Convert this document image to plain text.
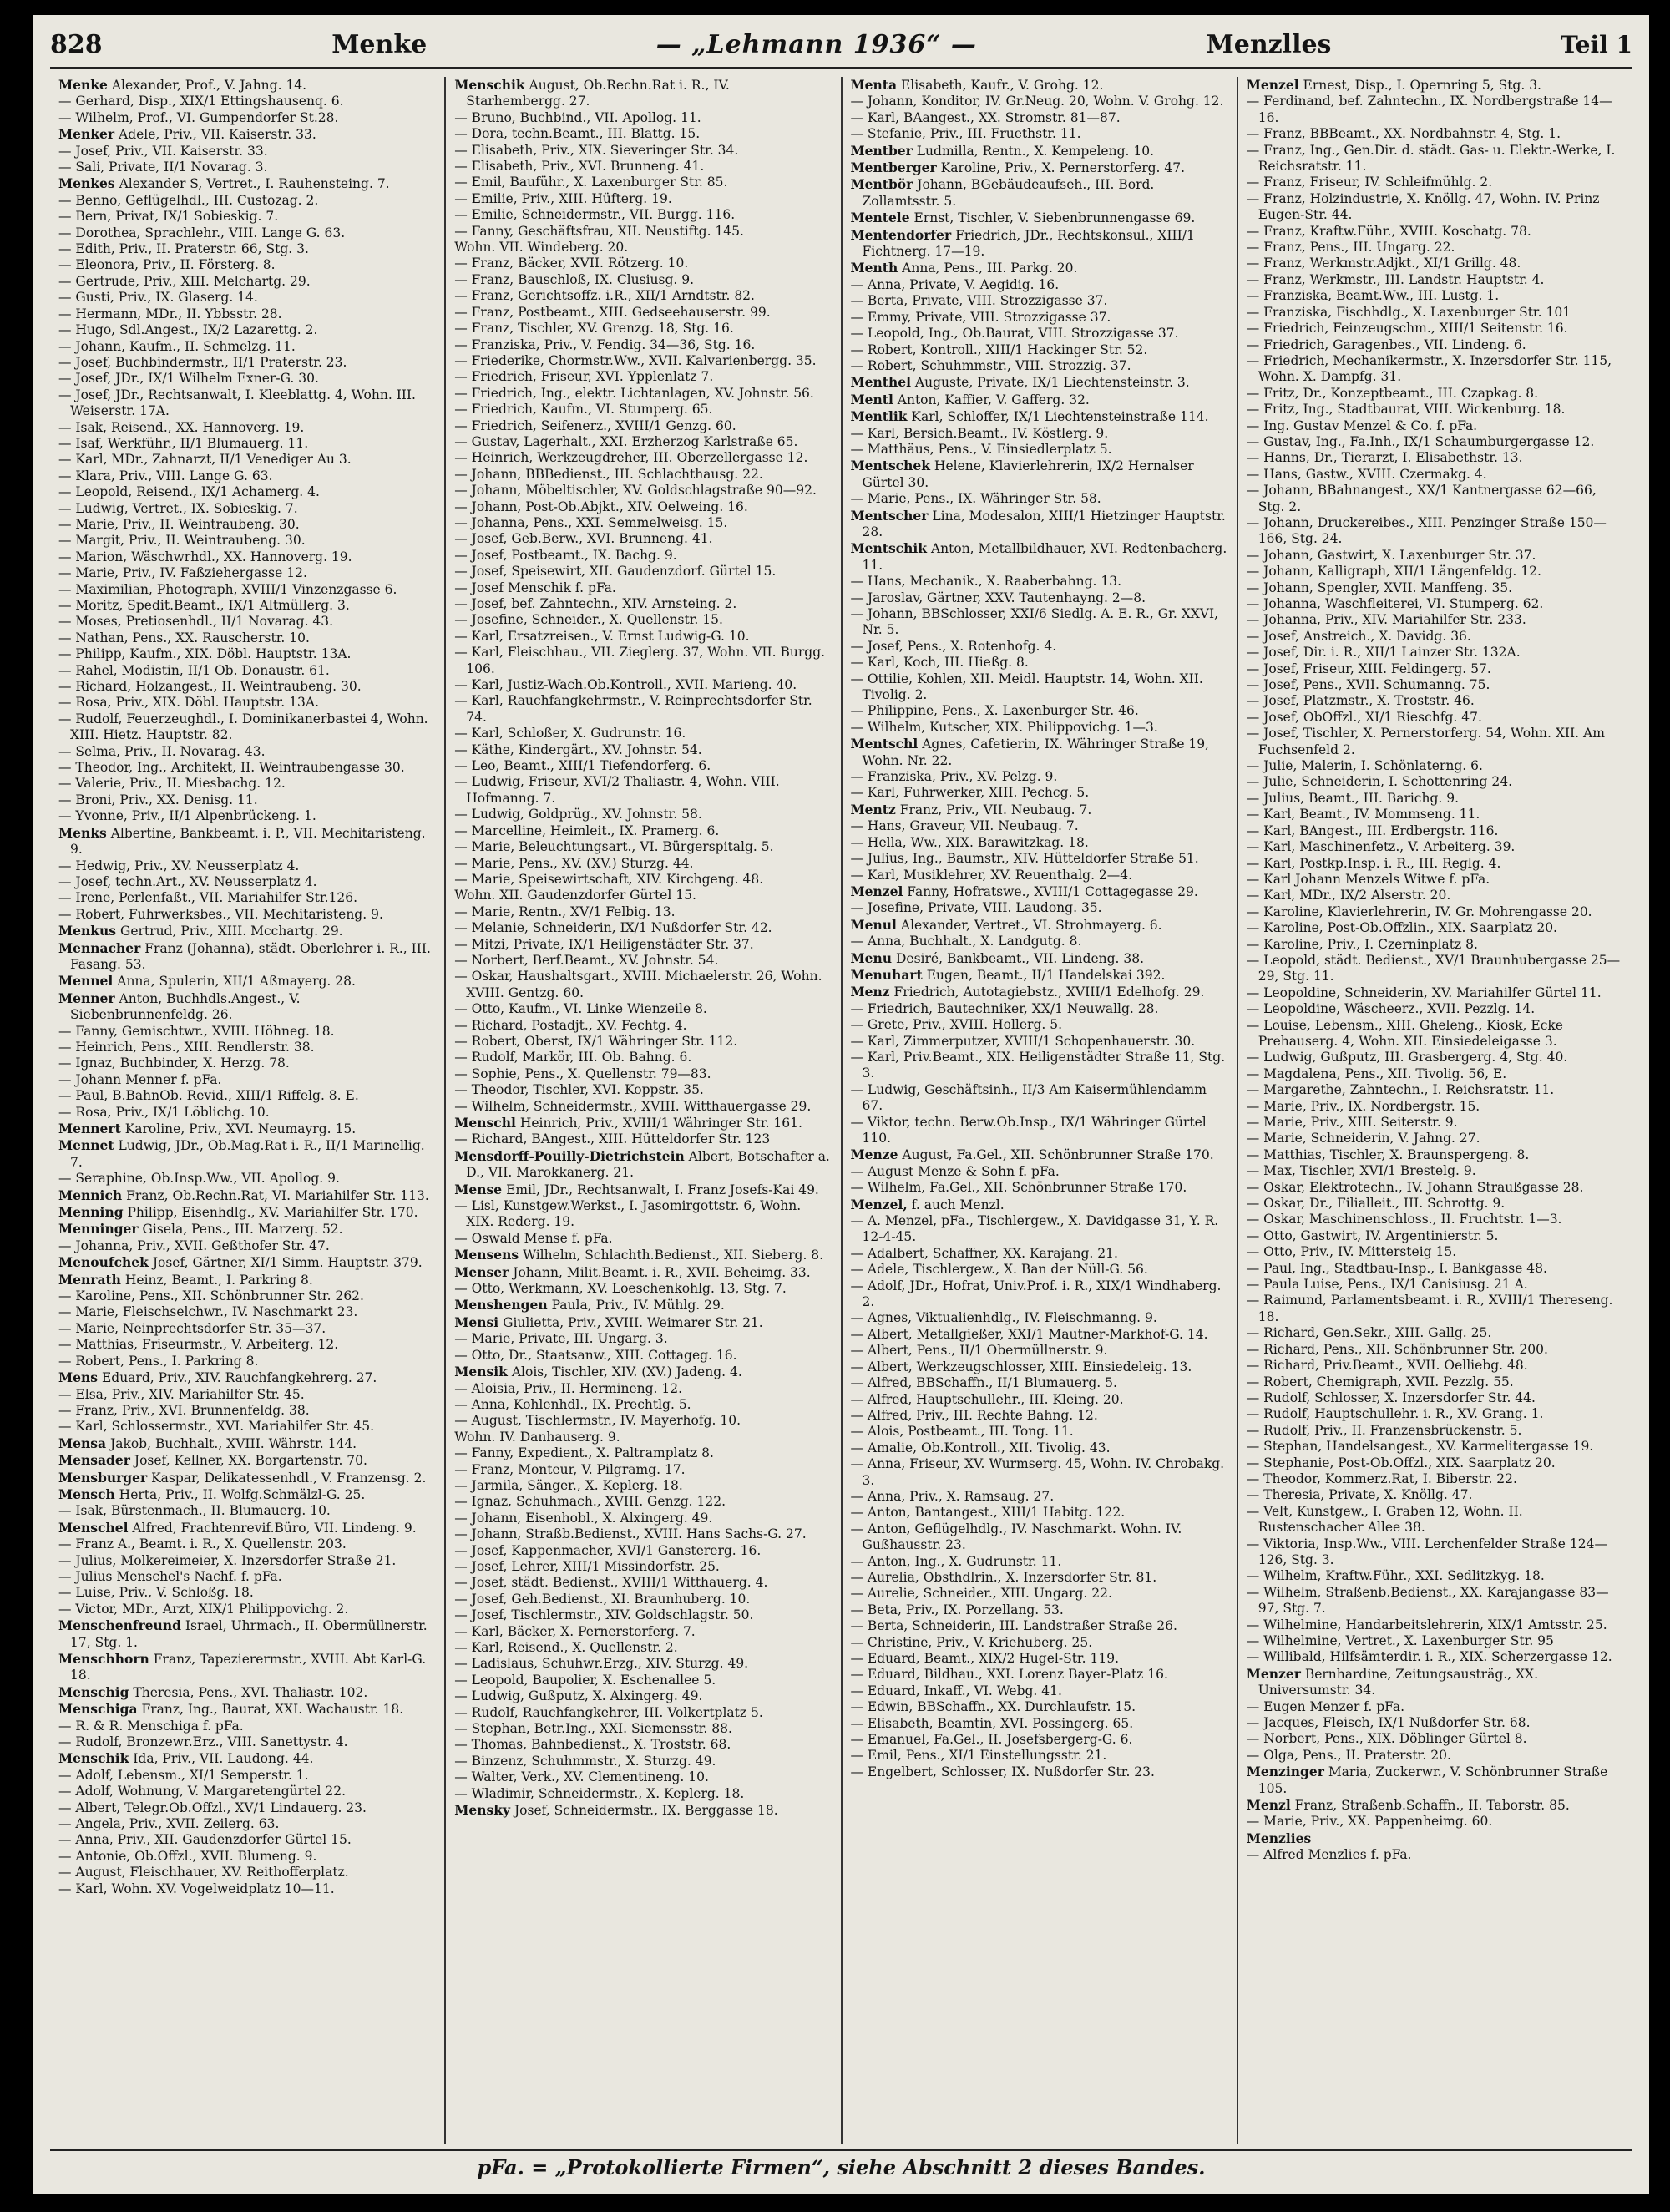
828	Menke	— „Lehmann 1936“ —	Menzlles	Teil 1

Menke Alexander, Prof., V. Jahng. 14.

— Gerhard, Disp., XIX/1 Ettingshausenq. 6.

— Wilhelm, Prof., VI. Gumpendorfer St.28.

Menker Adele, Priv., VII. Kaiserstr. 33.

— Josef, Priv., VII. Kaiserstr. 33.

— Sali, Private, II/1 Novarag. 3.

Menkes Alexander S, Vertret., I. Rauhensteing. 7.

— Benno, Geflügelhdl., III. Custozag. 2.

— Bern, Privat, IX/1 Sobieskig. 7.

— Dorothea, Sprachlehr., VIII. Lange G. 63.

— Edith, Priv., II. Praterstr. 66, Stg. 3.

— Eleonora, Priv., II. Försterg. 8.

— Gertrude, Priv., XIII. Melchartg. 29.

— Gusti, Priv., IX. Glaserg. 14.

— Hermann, MDr., II. Ybbsstr. 28.

— Hugo, Sdl.Angest., IX/2 Lazarettg. 2.

— Johann, Kaufm., II. Schmelzg. 11.

— Josef, Buchbindermstr., II/1 Praterstr. 23.

— Josef, JDr., IX/1 Wilhelm Exner-G. 30.

— Josef, JDr., Rechtsanwalt, I. Kleeblattg. 4, Wohn. III. Weiserstr. 17A.

— Isak, Reisend., XX. Hannoverg. 19.

— Isaf, Werkführ., II/1 Blumauerg. 11.

— Karl, MDr., Zahnarzt, II/1 Venediger Au 3.

— Klara, Priv., VIII. Lange G. 63.

— Leopold, Reisend., IX/1 Achamerg. 4.

— Ludwig, Vertret., IX. Sobieskig. 7.

— Marie, Priv., II. Weintraubeng. 30.

— Margit, Priv., II. Weintraubeng. 30.

— Marion, Wäschwrhdl., XX. Hannoverg. 19.

— Marie, Priv., IV. Faßziehergasse 12.

— Maximilian, Photograph, XVIII/1 Vinzenzgasse 6.

— Moritz, Spedit.Beamt., IX/1 Altmüllerg. 3.

— Moses, Pretiosenhdl., II/1 Novarag. 43.

— Nathan, Pens., XX. Rauscherstr. 10.

— Philipp, Kaufm., XIX. Döbl. Hauptstr. 13A.

— Rahel, Modistin, II/1 Ob. Donaustr. 61.

— Richard, Holzangest., II. Weintraubeng. 30.

— Rosa, Priv., XIX. Döbl. Hauptstr. 13A.

— Rudolf, Feuerzeughdl., I. Dominikanerbastei 4, Wohn. XIII. Hietz. Hauptstr. 82.

— Selma, Priv., II. Novarag. 43.

— Theodor, Ing., Architekt, II. Weintraubengasse 30.

— Valerie, Priv., II. Miesbachg. 12.

— Broni, Priv., XX. Denisg. 11.

— Yvonne, Priv., II/1 Alpenbrückeng. 1.

Menks Albertine, Bankbeamt. i. P., VII. Mechitaristeng. 9.

— Hedwig, Priv., XV. Neusserplatz 4.

— Josef, techn.Art., XV. Neusserplatz 4.

— Irene, Perlenfaßt., VII. Mariahilfer Str.126.

— Robert, Fuhrwerksbes., VII. Mechitaristeng. 9.

Menkus Gertrud, Priv., XIII. Mcchartg. 29.

Mennacher Franz (Johanna), städt. Oberlehrer i. R., III. Fasang. 53.

Mennel Anna, Spulerin, XII/1 Aßmayerg. 28.

Menner Anton, Buchhdls.Angest., V. Siebenbrunnenfeldg. 26.

— Fanny, Gemischtwr., XVIII. Höhneg. 18.

— Heinrich, Pens., XIII. Rendlerstr. 38.

— Ignaz, Buchbinder, X. Herzg. 78.

— Johann Menner f. pFa.

— Paul, B.BahnOb. Revid., XIII/1 Riffelg. 8. E.

— Rosa, Priv., IX/1 Löblichg. 10.

Mennert Karoline, Priv., XVI. Neumayrg. 15.

Mennet Ludwig, JDr., Ob.Mag.Rat i. R., II/1 Marinellig. 7.

— Seraphine, Ob.Insp.Ww., VII. Apollog. 9.

Mennich Franz, Ob.Rechn.Rat, VI. Mariahilfer Str. 113.

Menning Philipp, Eisenhdlg., XV. Mariahilfer Str. 170.

Menninger Gisela, Pens., III. Marzerg. 52.

— Johanna, Priv., XVII. Geßthofer Str. 47.

Menoufchek Josef, Gärtner, XI/1 Simm. Hauptstr. 379.

Menrath Heinz, Beamt., I. Parkring 8.

— Karoline, Pens., XII. Schönbrunner Str. 262.

— Marie, Fleischselchwr., IV. Naschmarkt 23.

— Marie, Neinprechtsdorfer Str. 35—37.

— Matthias, Friseurmstr., V. Arbeiterg. 12.

— Robert, Pens., I. Parkring 8.

Mens Eduard, Priv., XIV. Rauchfangkehrerg. 27.

— Elsa, Priv., XIV. Mariahilfer Str. 45.

— Franz, Priv., XVI. Brunnenfeldg. 38.

— Karl, Schlossermstr., XVI. Mariahilfer Str. 45.

Mensa Jakob, Buchhalt., XVIII. Währstr. 144.

Mensader Josef, Kellner, XX. Borgartenstr. 70.

Mensburger Kaspar, Delikatessenhdl., V. Franzensg. 2.

Mensch Herta, Priv., II. Wolfg.Schmälzl-G. 25.

— Isak, Bürstenmach., II. Blumauerg. 10.

Menschel Alfred, Frachtenrevif.Büro, VII. Lindeng. 9.

— Franz A., Beamt. i. R., X. Quellenstr. 203.

— Julius, Molkereimeier, X. Inzersdorfer Straße 21.

— Julius Menschel's Nachf. f. pFa.

— Luise, Priv., V. Schloßg. 18.

— Victor, MDr., Arzt, XIX/1 Philippovichg. 2.

Menschenfreund Israel, Uhrmach., II. Obermüllnerstr. 17, Stg. 1.

Menschhorn Franz, Tapezierermstr., XVIII. Abt Karl-G. 18.

Menschig Theresia, Pens., XVI. Thaliastr. 102.

Menschiga Franz, Ing., Baurat, XXI. Wachaustr. 18.

— R. & R. Menschiga f. pFa.

— Rudolf, Bronzewr.Erz., VIII. Sanettystr. 4.

Menschik Ida, Priv., VII. Laudong. 44.

— Adolf, Lebensm., XI/1 Semperstr. 1.

— Adolf, Wohnung, V. Margaretengürtel 22.

— Albert, Telegr.Ob.Offzl., XV/1 Lindauerg. 23.

— Angela, Priv., XVII. Zeilerg. 63.

— Anna, Priv., XII. Gaudenzdorfer Gürtel 15.

— Antonie, Ob.Offzl., XVII. Blumeng. 9.

— August, Fleischhauer, XV. Reithofferplatz.

— Karl, Wohn. XV. Vogelweidplatz 10—11.

Menschik August, Ob.Rechn.Rat i. R., IV. Starhembergg. 27.

— Bruno, Buchbind., VII. Apollog. 11.

— Dora, techn.Beamt., III. Blattg. 15.

— Elisabeth, Priv., XIX. Sieveringer Str. 34.

— Elisabeth, Priv., XVI. Brunneng. 41.

— Emil, Bauführ., X. Laxenburger Str. 85.

— Emilie, Priv., XIII. Hüfterg. 19.

— Emilie, Schneidermstr., VII. Burgg. 116.

— Fanny, Geschäftsfrau, XII. Neustiftg. 145.

Wohn. VII. Windeberg. 20.

— Franz, Bäcker, XVII. Rötzerg. 10.

— Franz, Bauschloß, IX. Clusiusg. 9.

— Franz, Gerichtsoffz. i.R., XII/1 Arndtstr. 82.

— Franz, Postbeamt., XIII. Gedseehauserstr. 99.

— Franz, Tischler, XV. Grenzg. 18, Stg. 16.

— Franziska, Priv., V. Fendig. 34—36, Stg. 16.

— Friederike, Chormstr.Ww., XVII. Kalvarienbergg. 35.

— Friedrich, Friseur, XVI. Ypplenlatz 7.

— Friedrich, Ing., elektr. Lichtanlagen, XV. Johnstr. 56.

— Friedrich, Kaufm., VI. Stumperg. 65.

— Friedrich, Seifenerz., XVIII/1 Genzg. 60.

— Gustav, Lagerhalt., XXI. Erzherzog Karlstraße 65.

— Heinrich, Werkzeugdreher, III. Oberzellergasse 12.

— Johann, BBBedienst., III. Schlachthausg. 22.

— Johann, Möbeltischler, XV. Goldschlagstraße 90—92.

— Johann, Post-Ob.Abjkt., XIV. Oelweing. 16.

— Johanna, Pens., XXI. Semmelweisg. 15.

— Josef, Geb.Berw., XVI. Brunneng. 41.

— Josef, Postbeamt., IX. Bachg. 9.

— Josef, Speisewirt, XII. Gaudenzdorf. Gürtel 15.

— Josef Menschik f. pFa.

— Josef, bef. Zahntechn., XIV. Arnsteing. 2.

— Josefine, Schneider., X. Quellenstr. 15.

— Karl, Ersatzreisen., V. Ernst Ludwig-G. 10.

— Karl, Fleischhau., VII. Zieglerg. 37, Wohn. VII. Burgg. 106.

— Karl, Justiz-Wach.Ob.Kontroll., XVII. Marieng. 40.

— Karl, Rauchfangkehrmstr., V. Reinprechtsdorfer Str. 74.

— Karl, Schloßer, X. Gudrunstr. 16.

— Käthe, Kindergärt., XV. Johnstr. 54.

— Leo, Beamt., XIII/1 Tiefendorferg. 6.

— Ludwig, Friseur, XVI/2 Thaliastr. 4, Wohn. VIII. Hofmanng. 7.

— Ludwig, Goldprüg., XV. Johnstr. 58.

— Marcelline, Heimleit., IX. Pramerg. 6.

— Marie, Beleuchtungsart., VI. Bürgerspitalg. 5.

— Marie, Pens., XV. (XV.) Sturzg. 44.

— Marie, Speisewirtschaft, XIV. Kirchgeng. 48.

Wohn. XII. Gaudenzdorfer Gürtel 15.

— Marie, Rentn., XV/1 Felbig. 13.

— Melanie, Schneiderin, IX/1 Nußdorfer Str. 42.

— Mitzi, Private, IX/1 Heiligenstädter Str. 37.

— Norbert, Berf.Beamt., XV. Johnstr. 54.

— Oskar, Haushaltsgart., XVIII. Michaelerstr. 26, Wohn. XVIII. Gentzg. 60.

— Otto, Kaufm., VI. Linke Wienzeile 8.

— Richard, Postadjt., XV. Fechtg. 4.

— Robert, Oberst, IX/1 Währinger Str. 112.

— Rudolf, Markör, III. Ob. Bahng. 6.

— Sophie, Pens., X. Quellenstr. 79—83.

— Theodor, Tischler, XVI. Koppstr. 35.

— Wilhelm, Schneidermstr., XVIII. Witthauergasse 29.

Menschl Heinrich, Priv., XVIII/1 Währinger Str. 161.

— Richard, BAngest., XIII. Hütteldorfer Str. 123

Mensdorff-Pouilly-Dietrichstein Albert, Botschafter a. D., VII. Marokkanerg. 21.

Mense Emil, JDr., Rechtsanwalt, I. Franz Josefs-Kai 49.

— Lisl, Kunstgew.Werkst., I. Jasomirgottstr. 6, Wohn. XIX. Rederg. 19.

— Oswald Mense f. pFa.

Mensens Wilhelm, Schlachth.Bedienst., XII. Sieberg. 8.

Menser Johann, Milit.Beamt. i. R., XVII. Beheimg. 33.

— Otto, Werkmann, XV. Loeschenkohlg. 13, Stg. 7.

Menshengen Paula, Priv., IV. Mühlg. 29.

Mensi Giulietta, Priv., XVIII. Weimarer Str. 21.

— Marie, Private, III. Ungarg. 3.

— Otto, Dr., Staatsanw., XIII. Cottageg. 16.

Mensik Alois, Tischler, XIV. (XV.) Jadeng. 4.

— Aloisia, Priv., II. Hermineng. 12.

— Anna, Kohlenhdl., IX. Prechtlg. 5.

— August, Tischlermstr., IV. Mayerhofg. 10.

Wohn. IV. Danhauserg. 9.

— Fanny, Expedient., X. Paltramplatz 8.

— Franz, Monteur, V. Pilgramg. 17.

— Jarmila, Sänger., X. Keplerg. 18.

— Ignaz, Schuhmach., XVIII. Genzg. 122.

— Johann, Eisenhobl., X. Alxingerg. 49.

— Johann, Straßb.Bedienst., XVIII. Hans Sachs-G. 27.

— Josef, Kappenmacher, XVI/1 Ganstererg. 16.

— Josef, Lehrer, XIII/1 Missindorfstr. 25.

— Josef, städt. Bedienst., XVIII/1 Witthauerg. 4.

— Josef, Geh.Bedienst., XI. Braunhuberg. 10.

— Josef, Tischlermstr., XIV. Goldschlagstr. 50.

— Karl, Bäcker, X. Pernerstorferg. 7.

— Karl, Reisend., X. Quellenstr. 2.

— Ladislaus, Schuhwr.Erzg., XIV. Sturzg. 49.

— Leopold, Baupolier, X. Eschenallee 5.

— Ludwig, Gußputz, X. Alxingerg. 49.

— Rudolf, Rauchfangkehrer, III. Volkertplatz 5.

— Stephan, Betr.Ing., XXI. Siemensstr. 88.

— Thomas, Bahnbedienst., X. Troststr. 68.

— Binzenz, Schuhmmstr., X. Sturzg. 49.

— Walter, Verk., XV. Clementineng. 10.

— Wladimir, Schneidermstr., X. Keplerg. 18.

Mensky Josef, Schneidermstr., IX. Berggasse 18.

Menta Elisabeth, Kaufr., V. Grohg. 12.

— Johann, Konditor, IV. Gr.Neug. 20, Wohn. V. Grohg. 12.

— Karl, BAangest., XX. Stromstr. 81—87.

— Stefanie, Priv., III. Fruethstr. 11.

Mentber Ludmilla, Rentn., X. Kempeleng. 10.

Mentberger Karoline, Priv., X. Pernerstorferg. 47.

Mentbör Johann, BGebäudeaufseh., III. Bord. Zollamtsstr. 5.

Mentele Ernst, Tischler, V. Siebenbrunnengasse 69.

Mentendorfer Friedrich, JDr., Rechtskonsul., XIII/1 Fichtnerg. 17—19.

Menth Anna, Pens., III. Parkg. 20.

— Anna, Private, V. Aegidig. 16.

— Berta, Private, VIII. Strozzigasse 37.

— Emmy, Private, VIII. Strozzigasse 37.

— Leopold, Ing., Ob.Baurat, VIII. Strozzigasse 37.

— Robert, Kontroll., XIII/1 Hackinger Str. 52.

— Robert, Schuhmmstr., VIII. Strozzig. 37.

Menthel Auguste, Private, IX/1 Liechtensteinstr. 3.

Mentl Anton, Kaffier, V. Gafferg. 32.

Mentlik Karl, Schloffer, IX/1 Liechtensteinstraße 114.

— Karl, Bersich.Beamt., IV. Köstlerg. 9.

— Matthäus, Pens., V. Einsiedlerplatz 5.

Mentschek Helene, Klavierlehrerin, IX/2 Hernalser Gürtel 30.

— Marie, Pens., IX. Währinger Str. 58.

Mentscher Lina, Modesalon, XIII/1 Hietzinger Hauptstr. 28.

Mentschik Anton, Metallbildhauer, XVI. Redtenbacherg. 11.

— Hans, Mechanik., X. Raaberbahng. 13.

— Jaroslav, Gärtner, XXV. Tautenhayng. 2—8.

— Johann, BBSchlosser, XXI/6 Siedlg. A. E. R., Gr. XXVI, Nr. 5.

— Josef, Pens., X. Rotenhofg. 4.

— Karl, Koch, III. Hießg. 8.

— Ottilie, Kohlen, XII. Meidl. Hauptstr. 14, Wohn. XII. Tivolig. 2.

— Philippine, Pens., X. Laxenburger Str. 46.

— Wilhelm, Kutscher, XIX. Philippovichg. 1—3.

Mentschl Agnes, Cafetierin, IX. Währinger Straße 19, Wohn. Nr. 22.

— Franziska, Priv., XV. Pelzg. 9.

— Karl, Fuhrwerker, XIII. Pechcg. 5.

Mentz Franz, Priv., VII. Neubaug. 7.

— Hans, Graveur, VII. Neubaug. 7.

— Hella, Ww., XIX. Barawitzkag. 18.

— Julius, Ing., Baumstr., XIV. Hütteldorfer Straße 51.

— Karl, Musiklehrer, XV. Reuenthalg. 2—4.

Menzel Fanny, Hofratswe., XVIII/1 Cottagegasse 29.

— Josefine, Private, VIII. Laudong. 35.

Menul Alexander, Vertret., VI. Strohmayerg. 6.

— Anna, Buchhalt., X. Landgutg. 8.

Menu Desiré, Bankbeamt., VII. Lindeng. 38.

Menuhart Eugen, Beamt., II/1 Handelskai 392.

Menz Friedrich, Autotagiebstz., XVIII/1 Edelhofg. 29.

— Friedrich, Bautechniker, XX/1 Neuwallg. 28.

— Grete, Priv., XVIII. Hollerg. 5.

— Karl, Zimmerputzer, XVIII/1 Schopenhauerstr. 30.

— Karl, Priv.Beamt., XIX. Heiligenstädter Straße 11, Stg. 3.

— Ludwig, Geschäftsinh., II/3 Am Kaisermühlendamm 67.

— Viktor, techn. Berw.Ob.Insp., IX/1 Währinger Gürtel 110.

Menze August, Fa.Gel., XII. Schönbrunner Straße 170.

— August Menze & Sohn f. pFa.

— Wilhelm, Fa.Gel., XII. Schönbrunner Straße 170.

Menzel, f. auch Menzl.

— A. Menzel, pFa., Tischlergew., X. Davidgasse 31, Y. R. 12-4-45.

— Adalbert, Schaffner, XX. Karajang. 21.

— Adele, Tischlergew., X. Ban der Nüll-G. 56.

— Adolf, JDr., Hofrat, Univ.Prof. i. R., XIX/1 Windhaberg. 2.

— Agnes, Viktualienhdlg., IV. Fleischmanng. 9.

— Albert, Metallgießer, XXI/1 Mautner-Markhof-G. 14.

— Albert, Pens., II/1 Obermüllnerstr. 9.

— Albert, Werkzeugschlosser, XIII. Einsiedeleig. 13.

— Alfred, BBSchaffn., II/1 Blumauerg. 5.

— Alfred, Hauptschullehr., III. Kleing. 20.

— Alfred, Priv., III. Rechte Bahng. 12.

— Alois, Postbeamt., III. Tong. 11.

— Amalie, Ob.Kontroll., XII. Tivolig. 43.

— Anna, Friseur, XV. Wurmserg. 45, Wohn. IV. Chrobakg. 3.

— Anna, Priv., X. Ramsaug. 27.

— Anton, Bantangest., XIII/1 Habitg. 122.

— Anton, Geflügelhdlg., IV. Naschmarkt. Wohn. IV. Gußhausstr. 23.

— Anton, Ing., X. Gudrunstr. 11.

— Aurelia, Obsthdlrin., X. Inzersdorfer Str. 81.

— Aurelie, Schneider., XIII. Ungarg. 22.

— Beta, Priv., IX. Porzellang. 53.

— Berta, Schneiderin, III. Landstraßer Straße 26.

— Christine, Priv., V. Kriehuberg. 25.

— Eduard, Beamt., XIX/2 Hugel-Str. 119.

— Eduard, Bildhau., XXI. Lorenz Bayer-Platz 16.

— Eduard, Inkaff., VI. Webg. 41.

— Edwin, BBSchaffn., XX. Durchlaufstr. 15.

— Elisabeth, Beamtin, XVI. Possingerg. 65.

— Emanuel, Fa.Gel., II. Josefsbergerg-G. 6.

— Emil, Pens., XI/1 Einstellungsstr. 21.

— Engelbert, Schlosser, IX. Nußdorfer Str. 23.

Menzel Ernest, Disp., I. Opernring 5, Stg. 3.

— Ferdinand, bef. Zahntechn., IX. Nordbergstraße 14—16.

— Franz, BBBeamt., XX. Nordbahnstr. 4, Stg. 1.

— Franz, Ing., Gen.Dir. d. städt. Gas- u. Elektr.-Werke, I. Reichsratstr. 11.

— Franz, Friseur, IV. Schleifmühlg. 2.

— Franz, Holzindustrie, X. Knöllg. 47, Wohn. IV. Prinz Eugen-Str. 44.

— Franz, Kraftw.Führ., XVIII. Koschatg. 78.

— Franz, Pens., III. Ungarg. 22.

— Franz, Werkmstr.Adjkt., XI/1 Grillg. 48.

— Franz, Werkmstr., III. Landstr. Hauptstr. 4.

— Franziska, Beamt.Ww., III. Lustg. 1.

— Franziska, Fischhdlg., X. Laxenburger Str. 101

— Friedrich, Feinzeugschm., XIII/1 Seitenstr. 16.

— Friedrich, Garagenbes., VII. Lindeng. 6.

— Friedrich, Mechanikermstr., X. Inzersdorfer Str. 115, Wohn. X. Dampfg. 31.

— Fritz, Dr., Konzeptbeamt., III. Czapkag. 8.

— Fritz, Ing., Stadtbaurat, VIII. Wickenburg. 18.

— Ing. Gustav Menzel & Co. f. pFa.

— Gustav, Ing., Fa.Inh., IX/1 Schaumburgergasse 12.

— Hanns, Dr., Tierarzt, I. Elisabethstr. 13.

— Hans, Gastw., XVIII. Czermakg. 4.

— Johann, BBahnangest., XX/1 Kantnergasse 62—66, Stg. 2.

— Johann, Druckereibes., XIII. Penzinger Straße 150—166, Stg. 24.

— Johann, Gastwirt, X. Laxenburger Str. 37.

— Johann, Kalligraph, XII/1 Längenfeldg. 12.

— Johann, Spengler, XVII. Manffeng. 35.

— Johanna, Waschfleiterei, VI. Stumperg. 62.

— Johanna, Priv., XIV. Mariahilfer Str. 233.

— Josef, Anstreich., X. Davidg. 36.

— Josef, Dir. i. R., XII/1 Lainzer Str. 132A.

— Josef, Friseur, XIII. Feldingerg. 57.

— Josef, Pens., XVII. Schumanng. 75.

— Josef, Platzmstr., X. Troststr. 46.

— Josef, ObOffzl., XI/1 Rieschfg. 47.

— Josef, Tischler, X. Pernerstorferg. 54, Wohn. XII. Am Fuchsenfeld 2.

— Julie, Malerin, I. Schönlaterng. 6.

— Julie, Schneiderin, I. Schottenring 24.

— Julius, Beamt., III. Barichg. 9.

— Karl, Beamt., IV. Mommseng. 11.

— Karl, BAngest., III. Erdbergstr. 116.

— Karl, Maschinenfetz., V. Arbeiterg. 39.

— Karl, Postkp.Insp. i. R., III. Reglg. 4.

— Karl Johann Menzels Witwe f. pFa.

— Karl, MDr., IX/2 Alserstr. 20.

— Karoline, Klavierlehrerin, IV. Gr. Mohrengasse 20.

— Karoline, Post-Ob.Offzlin., XIX. Saarplatz 20.

— Karoline, Priv., I. Czerninplatz 8.

— Leopold, städt. Bedienst., XV/1 Braunhubergasse 25—29, Stg. 11.

— Leopoldine, Schneiderin, XV. Mariahilfer Gürtel 11.

— Leopoldine, Wäscheerz., XVII. Pezzlg. 14.

— Louise, Lebensm., XIII. Gheleng., Kiosk, Ecke Prehauserg. 4, Wohn. XII. Einsiedeleigasse 3.

— Ludwig, Gußputz, III. Grasbergerg. 4, Stg. 40.

— Magdalena, Pens., XII. Tivolig. 56, E.

— Margarethe, Zahntechn., I. Reichsratstr. 11.

— Marie, Priv., IX. Nordbergstr. 15.

— Marie, Priv., XIII. Seiterstr. 9.

— Marie, Schneiderin, V. Jahng. 27.

— Matthias, Tischler, X. Braunspergeng. 8.

— Max, Tischler, XVI/1 Brestelg. 9.

— Oskar, Elektrotechn., IV. Johann Straußgasse 28.

— Oskar, Dr., Filialleit., III. Schrottg. 9.

— Oskar, Maschinenschloss., II. Fruchtstr. 1—3.

— Otto, Gastwirt, IV. Argentinierstr. 5.

— Otto, Priv., IV. Mittersteig 15.

— Paul, Ing., Stadtbau-Insp., I. Bankgasse 48.

— Paula Luise, Pens., IX/1 Canisiusg. 21 A.

— Raimund, Parlamentsbeamt. i. R., XVIII/1 Thereseng. 18.

— Richard, Gen.Sekr., XIII. Gallg. 25.

— Richard, Pens., XII. Schönbrunner Str. 200.

— Richard, Priv.Beamt., XVII. Oelliebg. 48.

— Robert, Chemigraph, XVII. Pezzlg. 55.

— Rudolf, Schlosser, X. Inzersdorfer Str. 44.

— Rudolf, Hauptschullehr. i. R., XV. Grang. 1.

— Rudolf, Priv., II. Franzensbrückenstr. 5.

— Stephan, Handelsangest., XV. Karmelitergasse 19.

— Stephanie, Post-Ob.Offzl., XIX. Saarplatz 20.

— Theodor, Kommerz.Rat, I. Biberstr. 22.

— Theresia, Private, X. Knöllg. 47.

— Velt, Kunstgew., I. Graben 12, Wohn. II. Rustenschacher Allee 38.

— Viktoria, Insp.Ww., VIII. Lerchenfelder Straße 124—126, Stg. 3.

— Wilhelm, Kraftw.Führ., XXI. Sedlitzkyg. 18.

— Wilhelm, Straßenb.Bedienst., XX. Karajangasse 83—97, Stg. 7.

— Wilhelmine, Handarbeitslehrerin, XIX/1 Amtsstr. 25.

— Wilhelmine, Vertret., X. Laxenburger Str. 95

— Willibald, Hilfsämterdir. i. R., XIX. Scherzergasse 12.

Menzer Bernhardine, Zeitungsausträg., XX. Universumstr. 34.

— Eugen Menzer f. pFa.

— Jacques, Fleisch, IX/1 Nußdorfer Str. 68.

— Norbert, Pens., XIX. Döblinger Gürtel 8.

— Olga, Pens., II. Praterstr. 20.

Menzinger Maria, Zuckerwr., V. Schönbrunner Straße 105.

Menzl Franz, Straßenb.Schaffn., II. Taborstr. 85.

— Marie, Priv., XX. Pappenheimg. 60.

Menzlies

— Alfred Menzlies f. pFa.

pFa. = „Protokollierte Firmen“, siehe Abschnitt 2 dieses Bandes.
